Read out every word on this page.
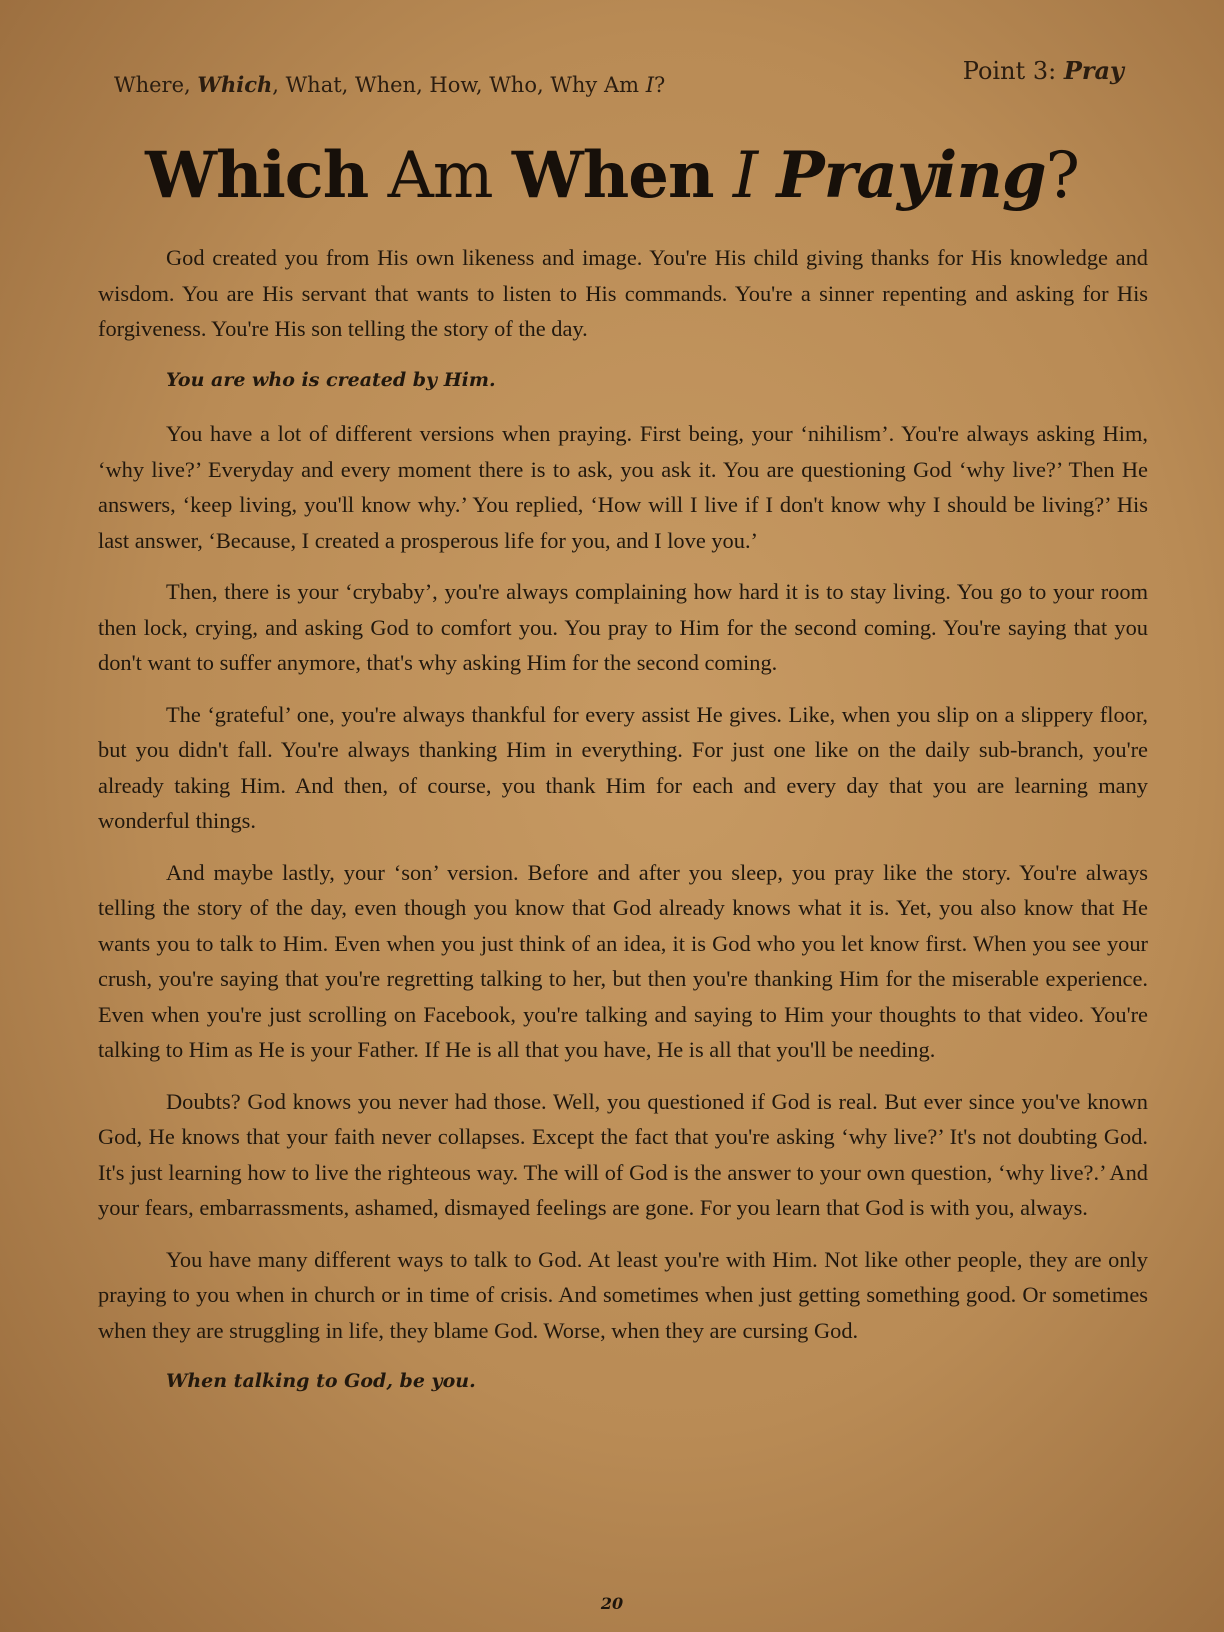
Where, Which, What, When, How, Who, Why Am I?	Point 3: Pray
Which Am When I Praying?

God created you from His own likeness and image. You're His child giving thanks for His knowledge and wisdom. You are His servant that wants to listen to His commands. You're a sinner repenting and asking for His forgiveness. You're His son telling the story of the day.

You are who is created by Him.

You have a lot of different versions when praying. First being, your ‘nihilism’. You're always asking Him, ‘why live?’ Everyday and every moment there is to ask, you ask it. You are questioning God ‘why live?’ Then He answers, ‘keep living, you'll know why.’ You replied, ‘How will I live if I don't know why I should be living?’ His last answer, ‘Because, I created a prosperous life for you, and I love you.’

Then, there is your ‘crybaby’, you're always complaining how hard it is to stay living. You go to your room then lock, crying, and asking God to comfort you. You pray to Him for the second coming. You're saying that you don't want to suffer anymore, that's why asking Him for the second coming.

The ‘grateful’ one, you're always thankful for every assist He gives. Like, when you slip on a slippery floor, but you didn't fall. You're always thanking Him in everything. For just one like on the daily sub-branch, you're already taking Him. And then, of course, you thank Him for each and every day that you are learning many wonderful things.

And maybe lastly, your ‘son’ version. Before and after you sleep, you pray like the story. You're always telling the story of the day, even though you know that God already knows what it is. Yet, you also know that He wants you to talk to Him. Even when you just think of an idea, it is God who you let know first. When you see your crush, you're saying that you're regretting talking to her, but then you're thanking Him for the miserable experience. Even when you're just scrolling on Facebook, you're talking and saying to Him your thoughts to that video. You're talking to Him as He is your Father. If He is all that you have, He is all that you'll be needing.

Doubts? God knows you never had those. Well, you questioned if God is real. But ever since you've known God, He knows that your faith never collapses. Except the fact that you're asking ‘why live?’ It's not doubting God. It's just learning how to live the righteous way. The will of God is the answer to your own question, ‘why live?.’ And your fears, embarrassments, ashamed, dismayed feelings are gone. For you learn that God is with you, always.

You have many different ways to talk to God. At least you're with Him. Not like other people, they are only praying to you when in church or in time of crisis. And sometimes when just getting something good. Or sometimes when they are struggling in life, they blame God. Worse, when they are cursing God.

When talking to God, be you.

20
